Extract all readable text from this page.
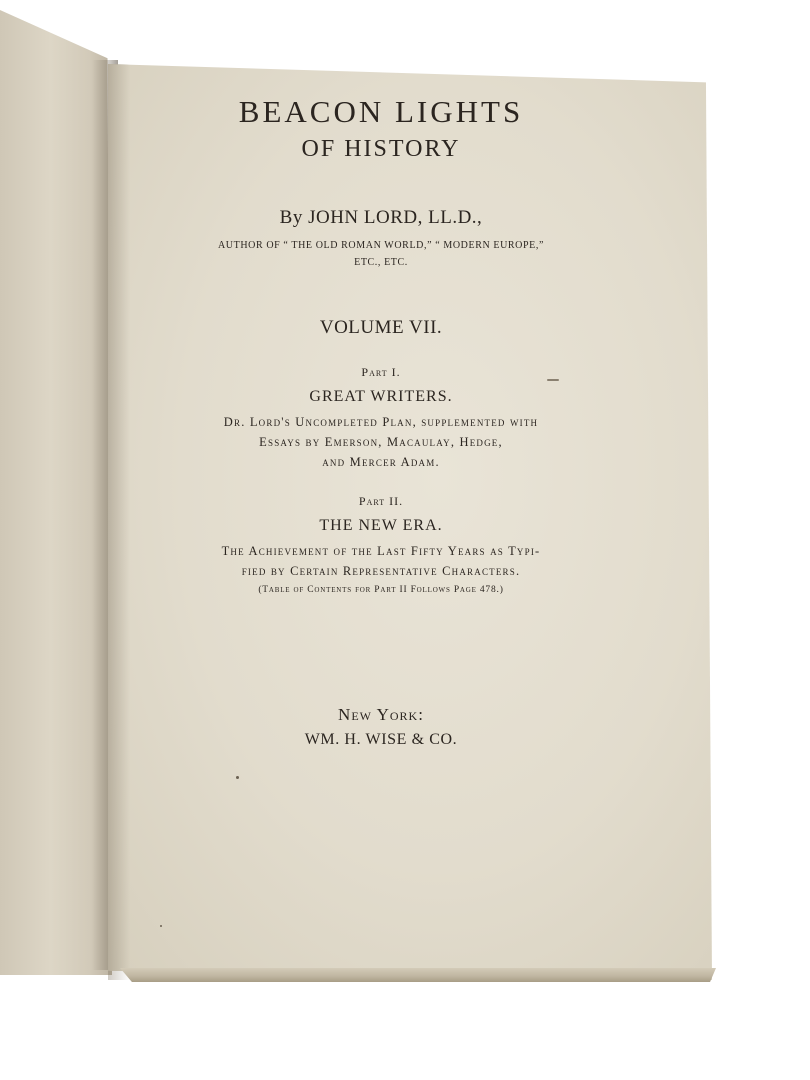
BEACON LIGHTS
OF HISTORY
By JOHN LORD, LL.D.,
AUTHOR OF “ THE OLD ROMAN WORLD,” “ MODERN EUROPE,”
ETC., ETC.
VOLUME VII.
Part I.
GREAT WRITERS.
Dr. Lord's Uncompleted Plan, supplemented with
Essays by Emerson, Macaulay, Hedge,
and Mercer Adam.
Part II.
THE NEW ERA.
The Achievement of the Last Fifty Years as Typi-
fied by Certain Representative Characters.
(Table of Contents for Part II Follows Page 478.)
New York:
WM. H. WISE & CO.
